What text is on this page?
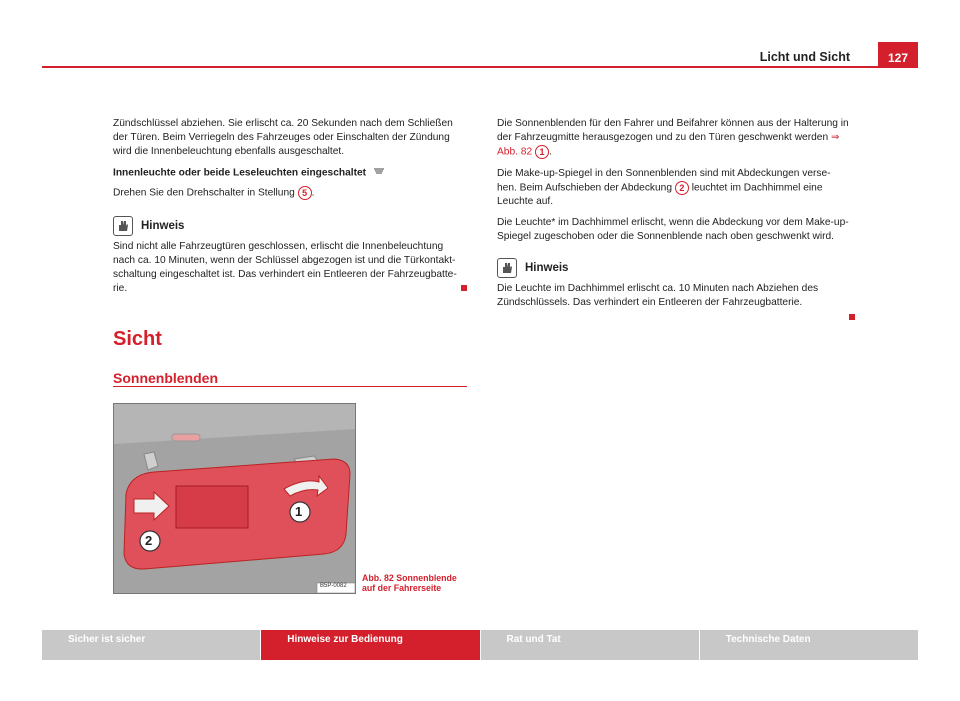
Licht und Sicht	127

Zündschlüssel abziehen. Sie erlischt ca. 20 Sekunden nach dem Schließen der Türen. Beim Verriegeln des Fahrzeuges oder Einschalten der Zündung wird die Innenbeleuchtung ebenfalls ausgeschaltet.

Innenleuchte oder beide Leseleuchten eingeschaltet

Drehen Sie den Drehschalter in Stellung 5 .

Hinweis

Sind nicht alle Fahrzeugtüren geschlossen, erlischt die Innenbeleuchtung nach ca. 10 Minuten, wenn der Schlüssel abgezogen ist und die Türkontakt-schaltung eingeschaltet ist. Das verhindert ein Entleeren der Fahrzeugbatte-rie.

Sicht
Sonnenblenden
1
2
B5P-0082
Abb. 82 Sonnenblende
auf der Fahrerseite

Die Sonnenblenden für den Fahrer und Beifahrer können aus der Halterung in der Fahrzeugmitte herausgezogen und zu den Türen geschwenkt werden ⇒ Abb. 82 1 .

Die Make-up-Spiegel in den Sonnenblenden sind mit Abdeckungen verse-hen. Beim Aufschieben der Abdeckung 2 leuchtet im Dachhimmel eine Leuchte auf.

Die Leuchte* im Dachhimmel erlischt, wenn die Abdeckung vor dem Make-up-Spiegel zugeschoben oder die Sonnenblende nach oben geschwenkt wird.

Hinweis

Die Leuchte im Dachhimmel erlischt ca. 10 Minuten nach Abziehen des Zündschlüssels. Das verhindert ein Entleeren der Fahrzeugbatterie.

Sicher ist sicher	Hinweise zur Bedienung	Rat und Tat	Technische Daten
